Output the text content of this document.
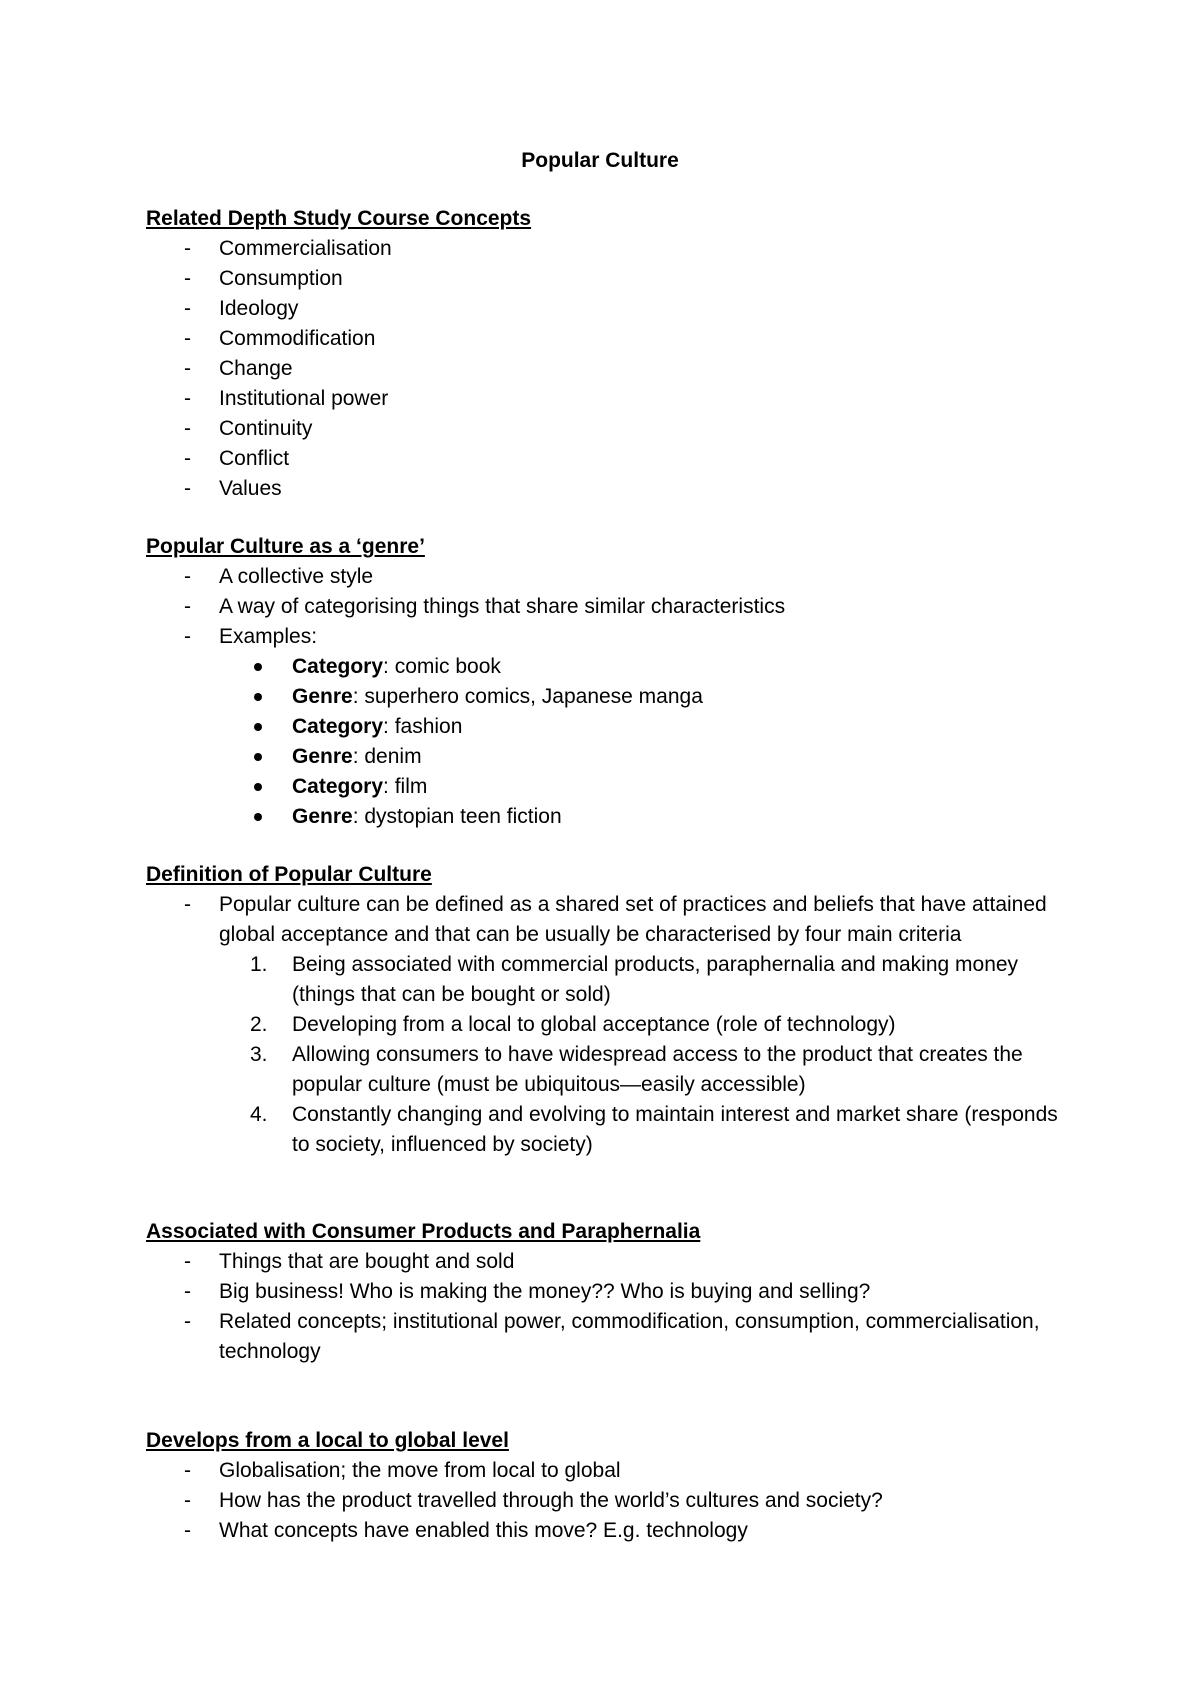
Popular Culture
Related Depth Study Course Concepts
- Commercialisation
- Consumption
- Ideology
- Commodification
- Change
- Institutional power
- Continuity
- Conflict
- Values
Popular Culture as a ‘genre’
- A collective style
- A way of categorising things that share similar characteristics
- Examples:
Category: comic book
Genre: superhero comics, Japanese manga
Category: fashion
Genre: denim
Category: film
Genre: dystopian teen fiction
Definition of Popular Culture
- Popular culture can be defined as a shared set of practices and beliefs that have attained global acceptance and that can be usually be characterised by four main criteria
1. Being associated with commercial products, paraphernalia and making money (things that can be bought or sold)
2. Developing from a local to global acceptance (role of technology)
3. Allowing consumers to have widespread access to the product that creates the popular culture (must be ubiquitous—easily accessible)
4. Constantly changing and evolving to maintain interest and market share (responds to society, influenced by society)
Associated with Consumer Products and Paraphernalia
- Things that are bought and sold
- Big business! Who is making the money?? Who is buying and selling?
- Related concepts; institutional power, commodification, consumption, commercialisation, technology
Develops from a local to global level
- Globalisation; the move from local to global
- How has the product travelled through the world’s cultures and society?
- What concepts have enabled this move? E.g. technology
